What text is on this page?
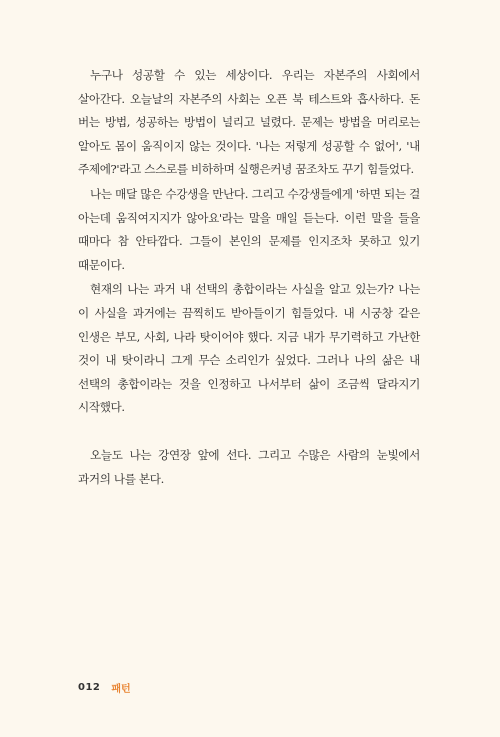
누구나 성공할 수 있는 세상이다. 우리는 자본주의 사회에서 살아간다. 오늘날의 자본주의 사회는 오픈 북 테스트와 흡사하다. 돈 버는 방법, 성공하는 방법이 널리고 널렸다. 문제는 방법을 머리로는 알아도 몸이 움직이지 않는 것이다. '나는 저렇게 성공할 수 없어', '내 주제에?'라고 스스로를 비하하며 실행은커녕 꿈조차도 꾸기 힘들었다.

나는 매달 많은 수강생을 만난다. 그리고 수강생들에게 '하면 되는 걸 아는데 움직여지지가 않아요'라는 말을 매일 듣는다. 이런 말을 들을 때마다 참 안타깝다. 그들이 본인의 문제를 인지조차 못하고 있기 때문이다.

현재의 나는 과거 내 선택의 총합이라는 사실을 알고 있는가? 나는 이 사실을 과거에는 끔찍히도 받아들이기 힘들었다. 내 시궁창 같은 인생은 부모, 사회, 나라 탓이어야 했다. 지금 내가 무기력하고 가난한 것이 내 탓이라니 그게 무슨 소리인가 싶었다. 그러나 나의 삶은 내 선택의 총합이라는 것을 인정하고 나서부터 삶이 조금씩 달라지기 시작했다.

오늘도 나는 강연장 앞에 선다. 그리고 수많은 사람의 눈빛에서 과거의 나를 본다.

012 패턴
